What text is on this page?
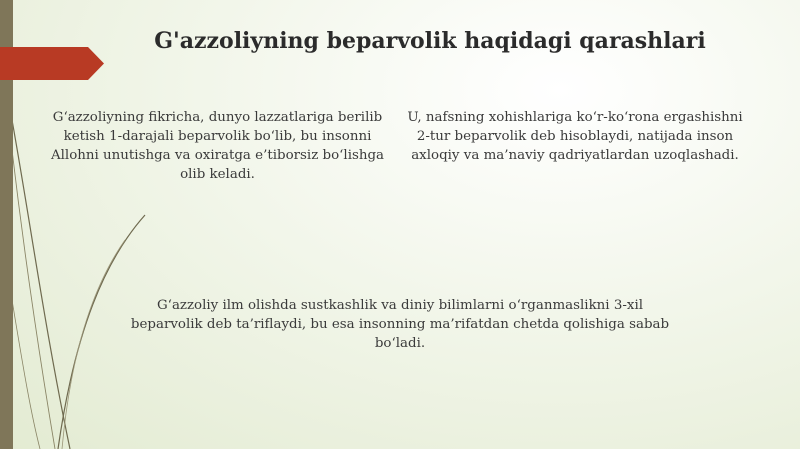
G'azzoliyning beparvolik haqidagi qarashlari

G‘azzoliyning fikricha, dunyo lazzatlariga berilib ketish 1-darajali beparvolik bo‘lib, bu insonni Allohni unutishga va oxiratga e’tiborsiz bo‘lishga olib keladi.

U, nafsning xohishlariga ko‘r-ko‘rona ergashishni 2-tur beparvolik deb hisoblaydi, natijada inson axloqiy va ma’naviy qadriyatlardan uzoqlashadi.

G‘azzoliy ilm olishda sustkashlik va diniy bilimlarni o‘rganmaslikni 3-xil beparvolik deb ta’riflaydi, bu esa insonning ma’rifatdan chetda qolishiga sabab bo‘ladi.
